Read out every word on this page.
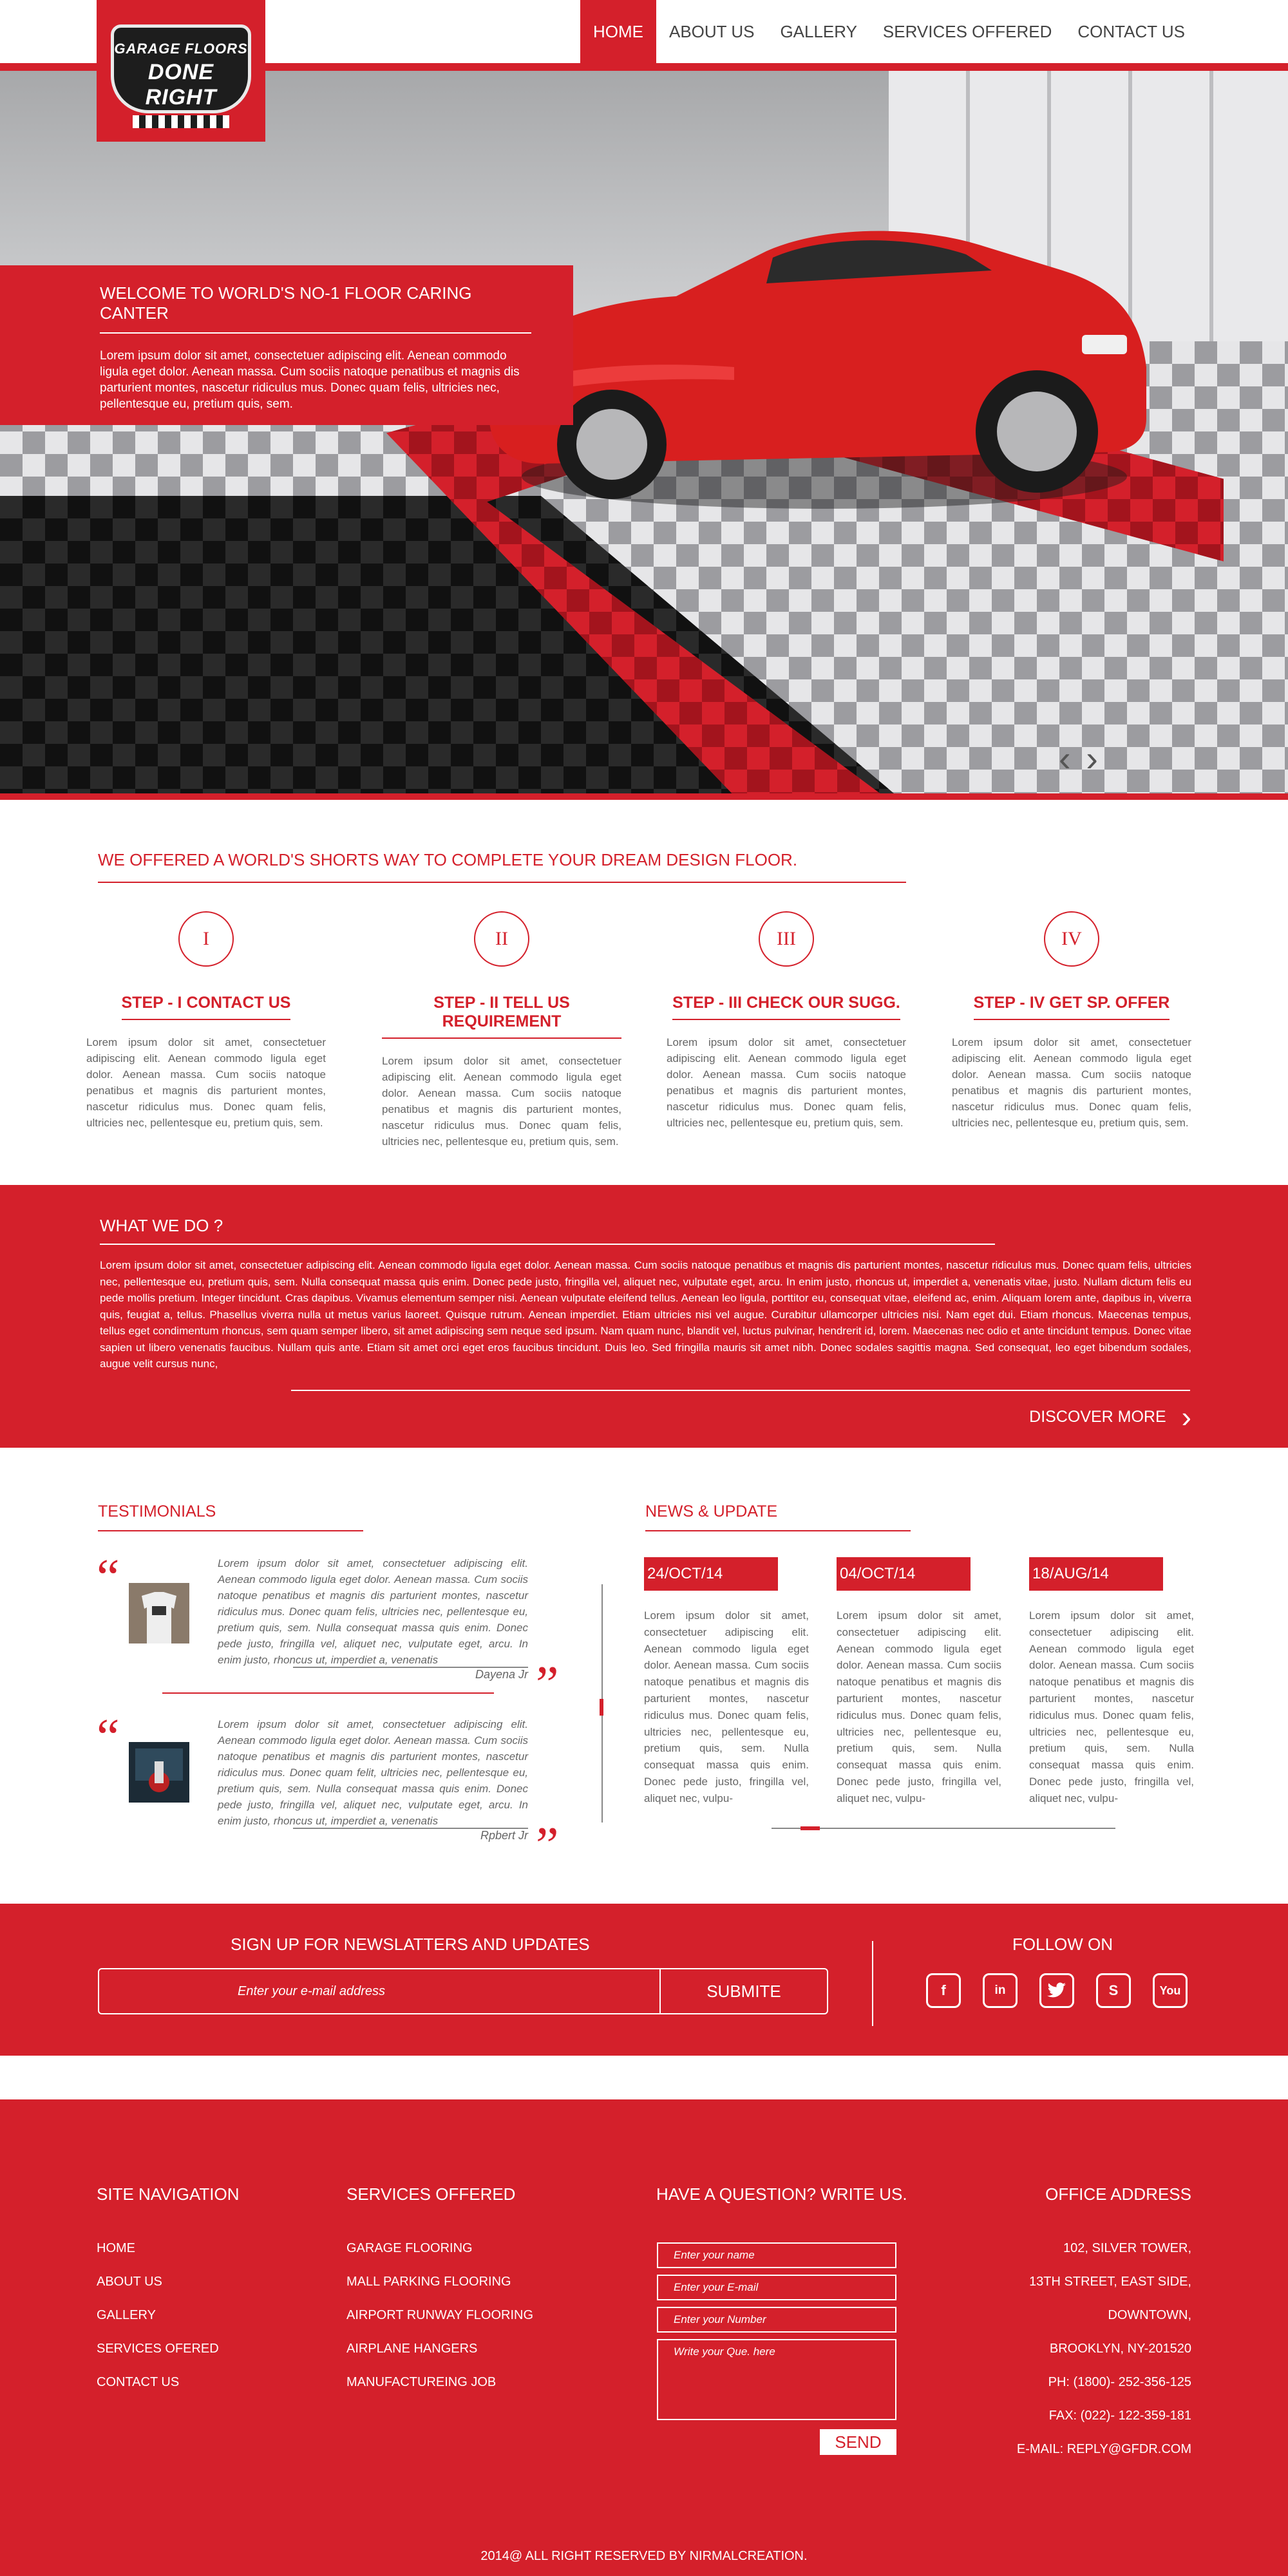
GARAGE FLOORS
DONE RIGHT
HOME	ABOUT US	GALLERY	SERVICES OFFERED	CONTACT US
‹ ›
WELCOME TO WORLD'S NO-1 FLOOR CARING CANTER
Lorem ipsum dolor sit amet, consectetuer adipiscing elit. Aenean commodo ligula eget dolor. Aenean massa. Cum sociis natoque penatibus et magnis dis parturient montes, nascetur ridiculus mus. Donec quam felis, ultricies nec, pellentesque eu, pretium quis, sem.
WE OFFERED A WORLD'S SHORTS WAY TO COMPLETE YOUR DREAM DESIGN FLOOR.
I
STEP - I CONTACT US

Lorem ipsum dolor sit amet, consectetuer adipiscing elit. Aenean commodo ligula eget dolor. Aenean massa. Cum sociis natoque penatibus et magnis dis parturient montes, nascetur ridiculus mus. Donec quam felis, ultricies nec, pellentesque eu, pretium quis, sem.

II
STEP - II TELL US REQUIREMENT

Lorem ipsum dolor sit amet, consectetuer adipiscing elit. Aenean commodo ligula eget dolor. Aenean massa. Cum sociis natoque penatibus et magnis dis parturient montes, nascetur ridiculus mus. Donec quam felis, ultricies nec, pellentesque eu, pretium quis, sem.

III
STEP - III CHECK OUR SUGG.

Lorem ipsum dolor sit amet, consectetuer adipiscing elit. Aenean commodo ligula eget dolor. Aenean massa. Cum sociis natoque penatibus et magnis dis parturient montes, nascetur ridiculus mus. Donec quam felis, ultricies nec, pellentesque eu, pretium quis, sem.

IV
STEP - IV GET SP. OFFER

Lorem ipsum dolor sit amet, consectetuer adipiscing elit. Aenean commodo ligula eget dolor. Aenean massa. Cum sociis natoque penatibus et magnis dis parturient montes, nascetur ridiculus mus. Donec quam felis, ultricies nec, pellentesque eu, pretium quis, sem.

WHAT WE DO ?

Lorem ipsum dolor sit amet, consectetuer adipiscing elit. Aenean commodo ligula eget dolor. Aenean massa. Cum sociis natoque penatibus et magnis dis parturient montes, nascetur ridiculus mus. Donec quam felis, ultricies nec, pellentesque eu, pretium quis, sem. Nulla consequat massa quis enim. Donec pede justo, fringilla vel, aliquet nec, vulputate eget, arcu. In enim justo, rhoncus ut, imperdiet a, venenatis vitae, justo. Nullam dictum felis eu pede mollis pretium. Integer tincidunt. Cras dapibus. Vivamus elementum semper nisi. Aenean vulputate eleifend tellus. Aenean leo ligula, porttitor eu, consequat vitae, eleifend ac, enim. Aliquam lorem ante, dapibus in, viverra quis, feugiat a, tellus. Phasellus viverra nulla ut metus varius laoreet. Quisque rutrum. Aenean imperdiet. Etiam ultricies nisi vel augue. Curabitur ullamcorper ultricies nisi. Nam eget dui. Etiam rhoncus. Maecenas tempus, tellus eget condimentum rhoncus, sem quam semper libero, sit amet adipiscing sem neque sed ipsum. Nam quam nunc, blandit vel, luctus pulvinar, hendrerit id, lorem. Maecenas nec odio et ante tincidunt tempus. Donec vitae sapien ut libero venenatis faucibus. Nullam quis ante. Etiam sit amet orci eget eros faucibus tincidunt. Duis leo. Sed fringilla mauris sit amet nibh. Donec sodales sagittis magna. Sed consequat, leo eget bibendum sodales, augue velit cursus nunc,

DISCOVER MORE ›
TESTIMONIALS
“	Lorem ipsum dolor sit amet, consectetuer adipiscing elit. Aenean commodo ligula eget dolor. Aenean massa. Cum sociis natoque penatibus et magnis dis parturient montes, nascetur ridiculus mus. Donec quam felis, ultricies nec, pellentesque eu, pretium quis, sem. Nulla consequat massa quis enim. Donec pede justo, fringilla vel, aliquet nec, vulputate eget, arcu. In enim justo, rhoncus ut, imperdiet a, venenatis

Dayena Jr ”
“	Lorem ipsum dolor sit amet, consectetuer adipiscing elit. Aenean commodo ligula eget dolor. Aenean massa. Cum sociis natoque penatibus et magnis dis parturient montes, nascetur ridiculus mus. Donec quam felit, ultricies nec, pellentesque eu, pretium quis, sem. Nulla consequat massa quis enim. Donec pede justo, fringilla vel, aliquet nec, vulputate eget, arcu. In enim justo, rhoncus ut, imperdiet a, venenatis

Rpbert Jr ”
NEWS & UPDATE
24/OCT/14

Lorem ipsum dolor sit amet, consectetuer adipiscing elit. Aenean commodo ligula eget dolor. Aenean massa. Cum sociis natoque penatibus et magnis dis parturient montes, nascetur ridiculus mus. Donec quam felis, ultricies nec, pellentesque eu, pretium quis, sem. Nulla consequat massa quis enim. Donec pede justo, fringilla vel, aliquet nec, vulpu-

04/OCT/14

Lorem ipsum dolor sit amet, consectetuer adipiscing elit. Aenean commodo ligula eget dolor. Aenean massa. Cum sociis natoque penatibus et magnis dis parturient montes, nascetur ridiculus mus. Donec quam felis, ultricies nec, pellentesque eu, pretium quis, sem. Nulla consequat massa quis enim. Donec pede justo, fringilla vel, aliquet nec, vulpu-

18/AUG/14

Lorem ipsum dolor sit amet, consectetuer adipiscing elit. Aenean commodo ligula eget dolor. Aenean massa. Cum sociis natoque penatibus et magnis dis parturient montes, nascetur ridiculus mus. Donec quam felis, ultricies nec, pellentesque eu, pretium quis, sem. Nulla consequat massa quis enim. Donec pede justo, fringilla vel, aliquet nec, vulpu-

SIGN UP FOR NEWSLATTERS AND UPDATES
Enter your e-mail address
SUBMITE
FOLLOW ON
f	in	S	You
SITE NAVIGATION
HOME
ABOUT US
GALLERY
SERVICES OFERED
CONTACT US
SERVICES OFFERED
GARAGE FLOORING
MALL PARKING FLOORING
AIRPORT RUNWAY FLOORING
AIRPLANE HANGERS
MANUFACTUREING JOB
HAVE A QUESTION? WRITE US.
Enter your name
Enter your E-mail
Enter your Number
Write your Que. here
SEND
OFFICE ADDRESS
102, SILVER TOWER,
13TH STREET, EAST SIDE,
DOWNTOWN,
BROOKLYN, NY-201520
PH: (1800)- 252-356-125
FAX: (022)- 122-359-181
E-MAIL: REPLY@GFDR.COM
2014@ ALL RIGHT RESERVED BY NIRMALCREATION.
